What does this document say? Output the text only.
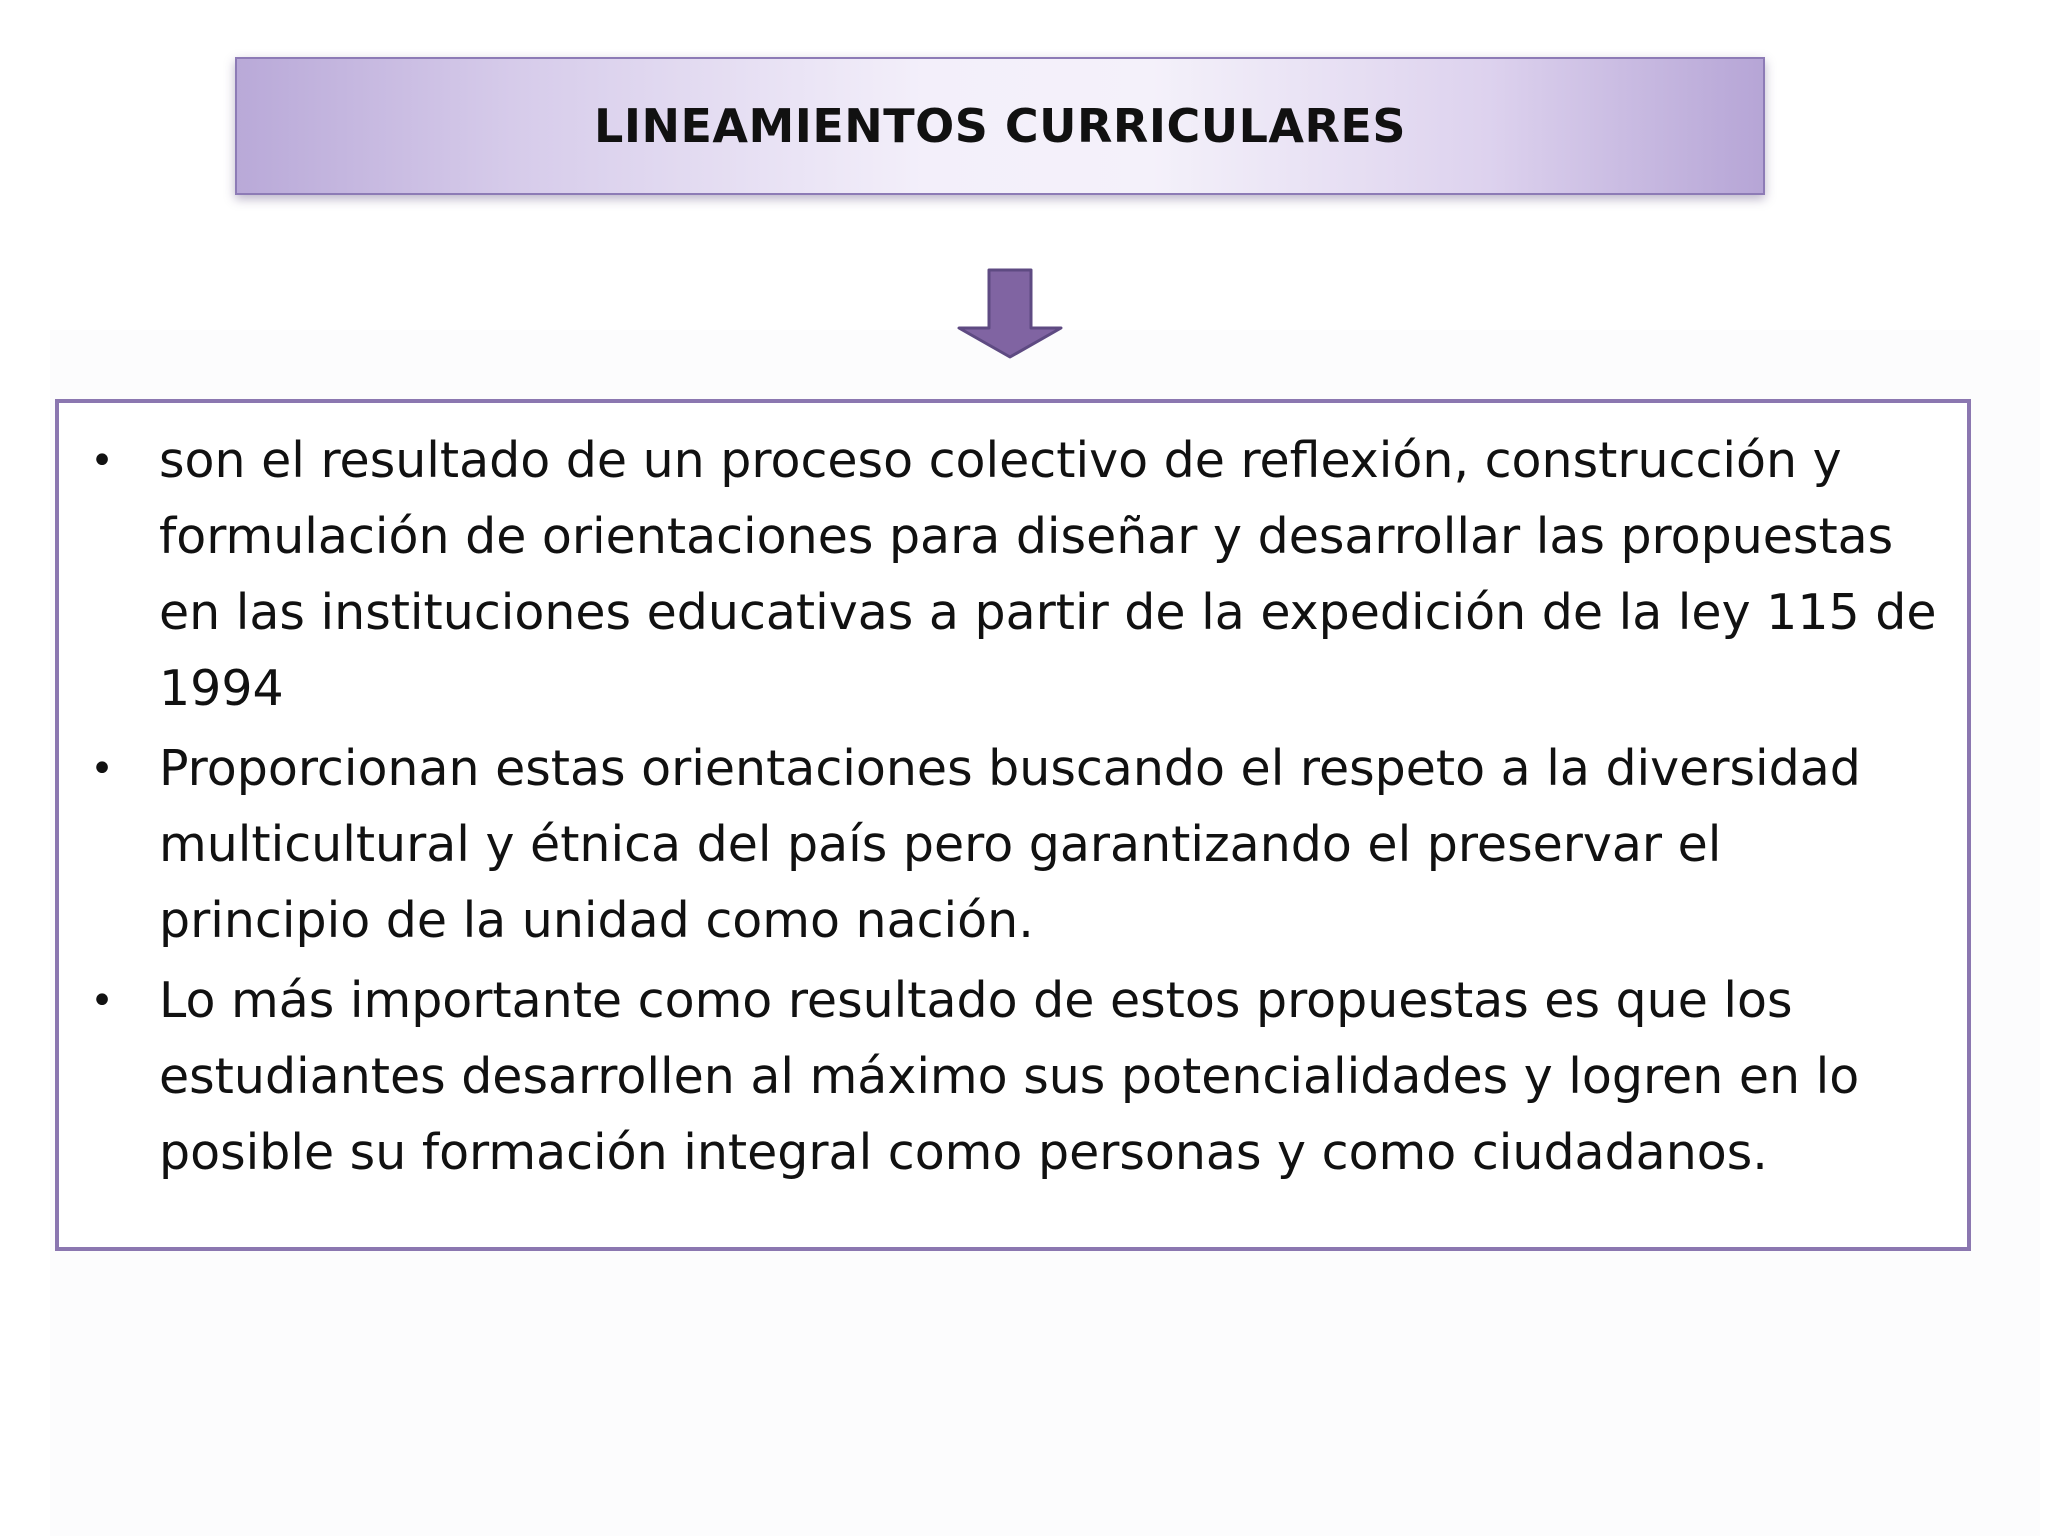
LINEAMIENTOS CURRICULARES
• son el resultado de un proceso colectivo de reflexión, construcción y formulación de orientaciones para diseñar y desarrollar las propuestas en las instituciones educativas a partir de la expedición de la ley 115 de 1994
• Proporcionan estas orientaciones buscando el respeto a la diversidad multicultural y étnica del país pero garantizando el preservar el principio de la unidad como nación.
• Lo más importante como resultado de estos propuestas es que los estudiantes desarrollen al máximo sus potencialidades y logren en lo posible su formación integral como personas y como ciudadanos.
